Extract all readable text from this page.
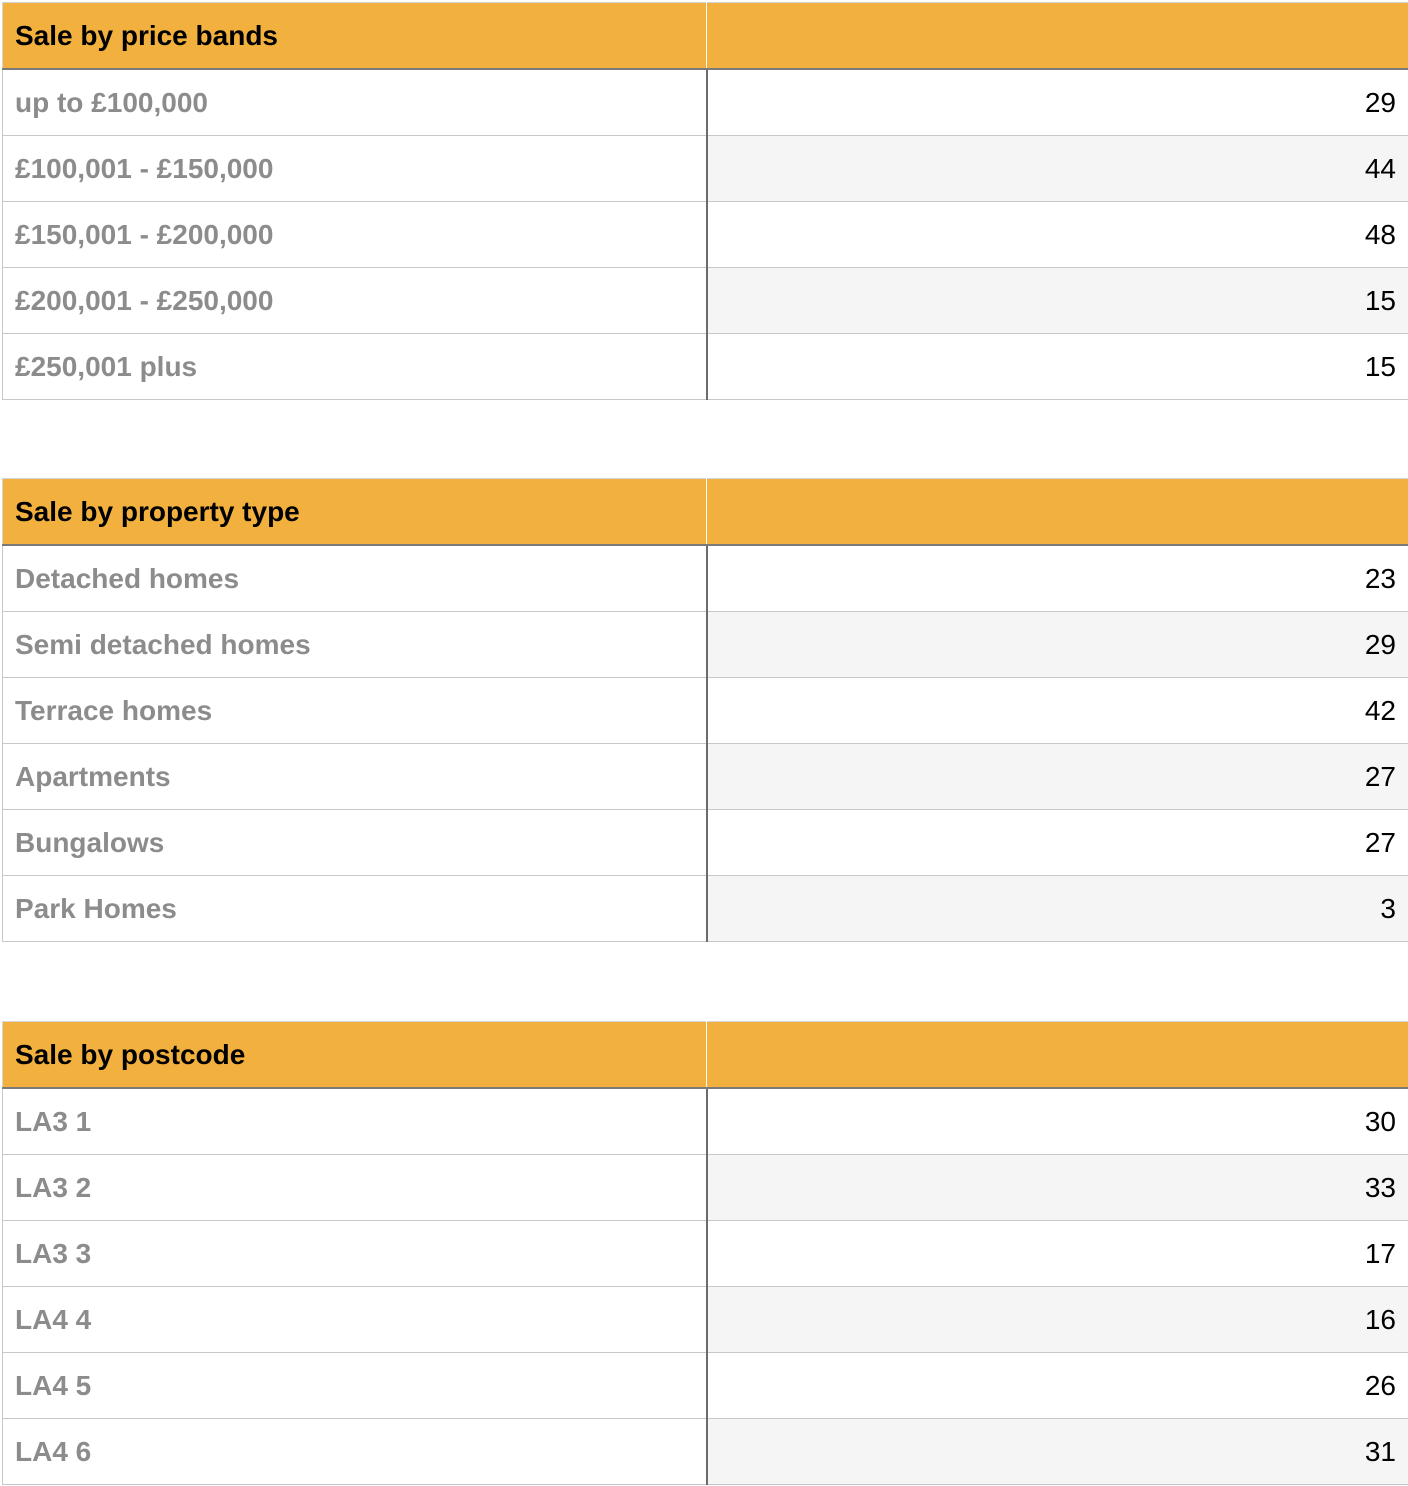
Sale by price bands	
up to £100,000	29
£100,001 - £150,000	44
£150,001 - £200,000	48
£200,001 - £250,000	15
£250,001 plus	15
Sale by property type	
Detached homes	23
Semi detached homes	29
Terrace homes	42
Apartments	27
Bungalows	27
Park Homes	3
Sale by postcode	
LA3 1	30
LA3 2	33
LA3 3	17
LA4 4	16
LA4 5	26
LA4 6	31
